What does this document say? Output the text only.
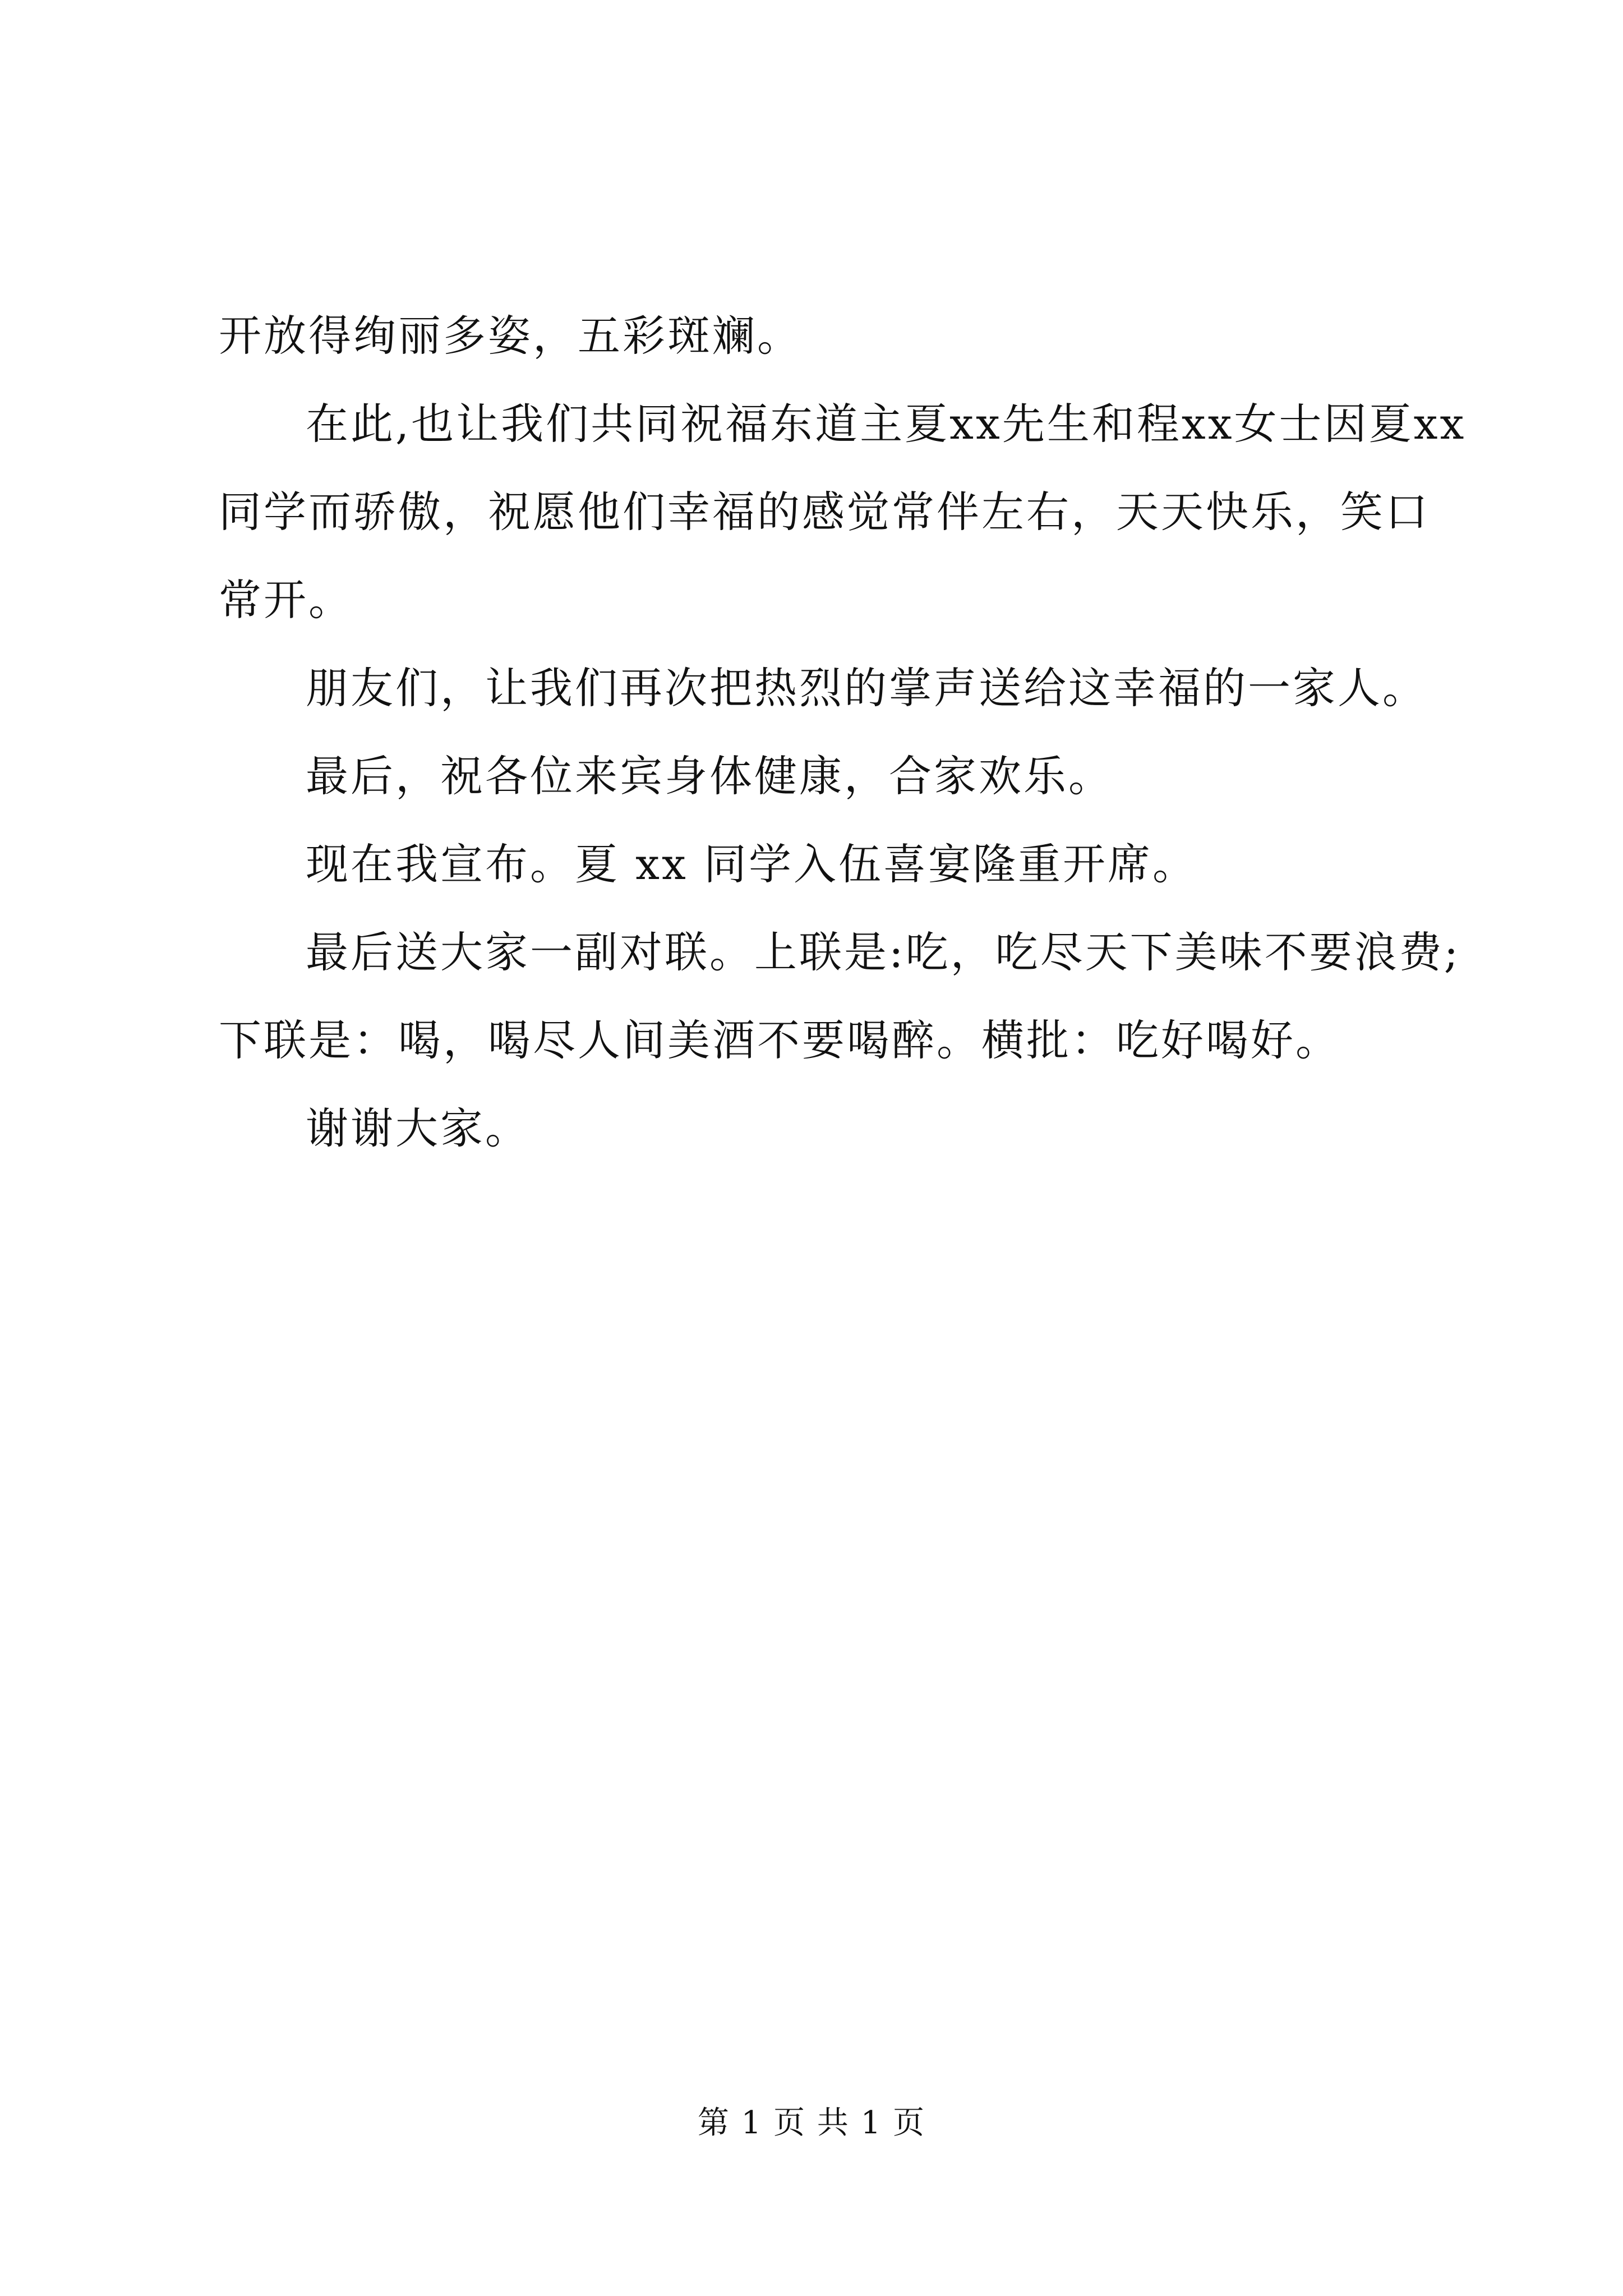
开放得绚丽多姿，五彩斑斓。
在此,也让我们共同祝福东道主夏xx先生和程xx女士因夏xx
同学而骄傲，祝愿他们幸福的感觉常伴左右，天天快乐，笑口
常开。
朋友们，让我们再次把热烈的掌声送给这幸福的一家人。
最后，祝各位来宾身体健康，合家欢乐。
现在我宣布。夏 xx 同学入伍喜宴隆重开席。
最后送大家一副对联。上联是:吃，吃尽天下美味不要浪费;
下联是：喝，喝尽人间美酒不要喝醉。横批：吃好喝好。
谢谢大家。
第 1 页 共 1 页
